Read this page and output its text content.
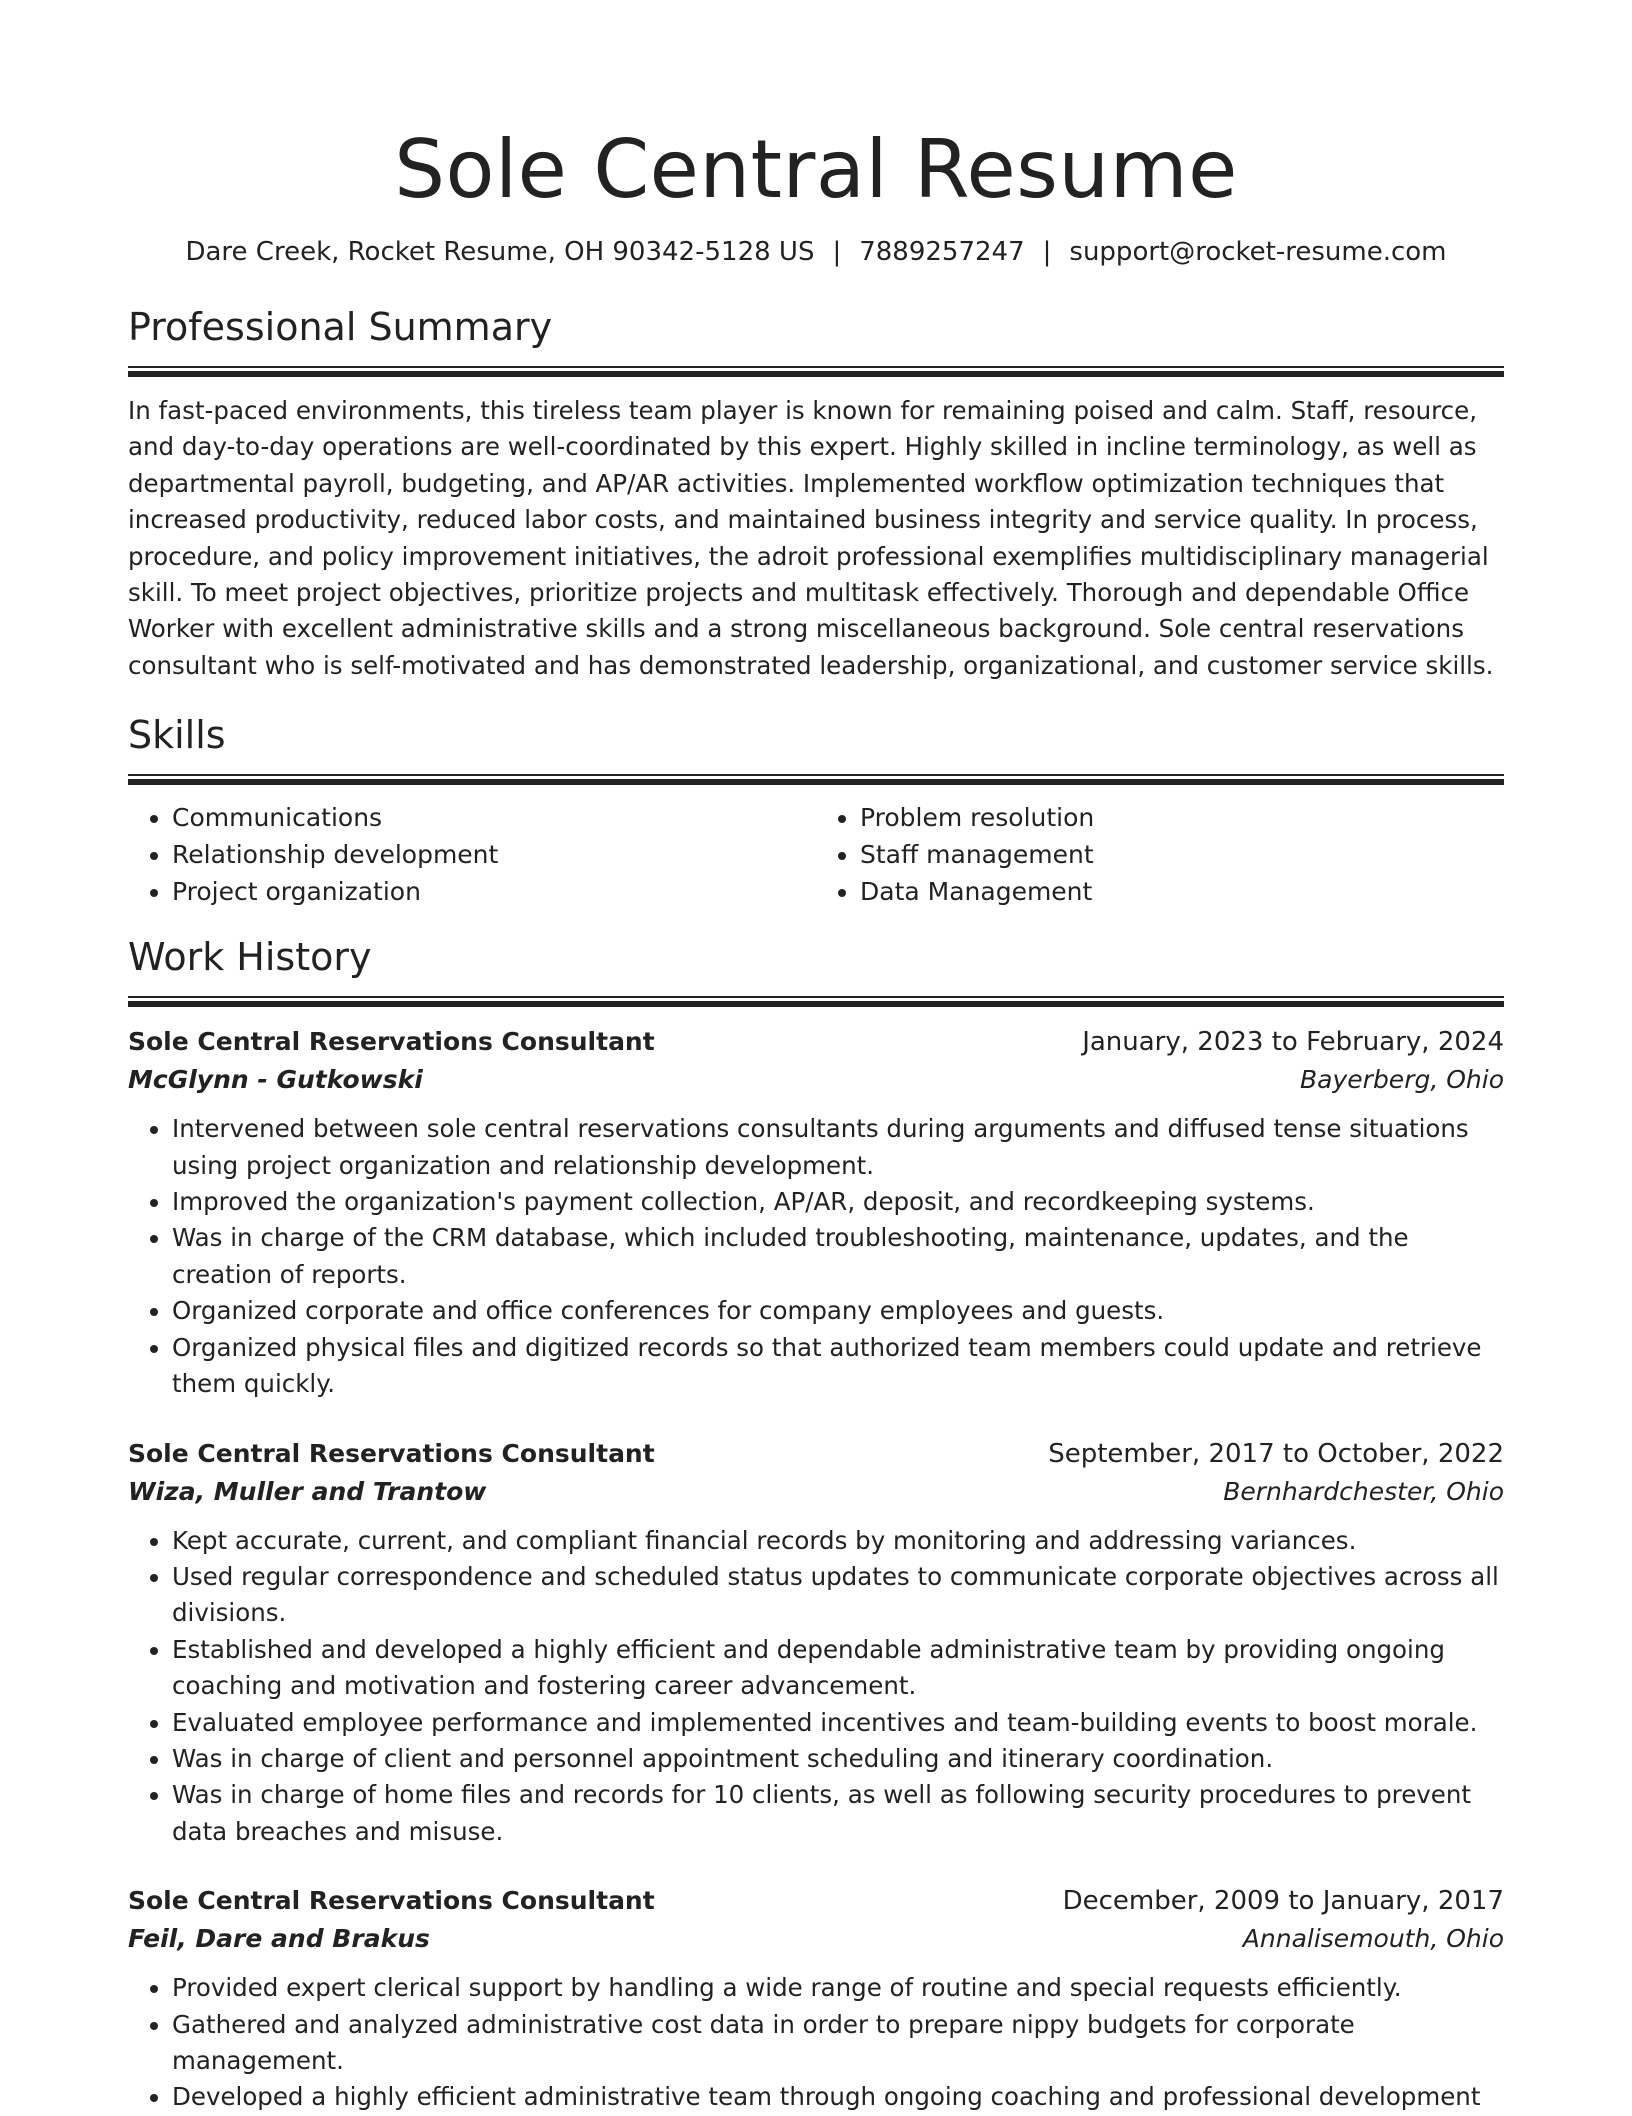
Sole Central Resume
Dare Creek, Rocket Resume, OH 90342-5128 US | 7889257247 | support@rocket-resume.com
Professional Summary
In fast-paced environments, this tireless team player is known for remaining poised and calm. Staff, resource, and day-to-day operations are well-coordinated by this expert. Highly skilled in incline terminology, as well as departmental payroll, budgeting, and AP/AR activities. Implemented workflow optimization techniques that increased productivity, reduced labor costs, and maintained business integrity and service quality. In process, procedure, and policy improvement initiatives, the adroit professional exemplifies multidisciplinary managerial skill. To meet project objectives, prioritize projects and multitask effectively. Thorough and dependable Office Worker with excellent administrative skills and a strong miscellaneous background. Sole central reservations consultant who is self-motivated and has demonstrated leadership, organizational, and customer service skills.
Skills
• Communications
• Relationship development
• Project organization
• Problem resolution
• Staff management
• Data Management
Work History
Sole Central Reservations Consultant	January, 2023 to February, 2024
McGlynn - Gutkowski	Bayerberg, Ohio
• Intervened between sole central reservations consultants during arguments and diffused tense situations using project organization and relationship development.
• Improved the organization's payment collection, AP/AR, deposit, and recordkeeping systems.
• Was in charge of the CRM database, which included troubleshooting, maintenance, updates, and the creation of reports.
• Organized corporate and office conferences for company employees and guests.
• Organized physical files and digitized records so that authorized team members could update and retrieve them quickly.
Sole Central Reservations Consultant	September, 2017 to October, 2022
Wiza, Muller and Trantow	Bernhardchester, Ohio
• Kept accurate, current, and compliant financial records by monitoring and addressing variances.
• Used regular correspondence and scheduled status updates to communicate corporate objectives across all divisions.
• Established and developed a highly efficient and dependable administrative team by providing ongoing coaching and motivation and fostering career advancement.
• Evaluated employee performance and implemented incentives and team-building events to boost morale.
• Was in charge of client and personnel appointment scheduling and itinerary coordination.
• Was in charge of home files and records for 10 clients, as well as following security procedures to prevent data breaches and misuse.
Sole Central Reservations Consultant	December, 2009 to January, 2017
Feil, Dare and Brakus	Annalisemouth, Ohio
• Provided expert clerical support by handling a wide range of routine and special requests efficiently.
• Gathered and analyzed administrative cost data in order to prepare nippy budgets for corporate management.
• Developed a highly efficient administrative team through ongoing coaching and professional development
